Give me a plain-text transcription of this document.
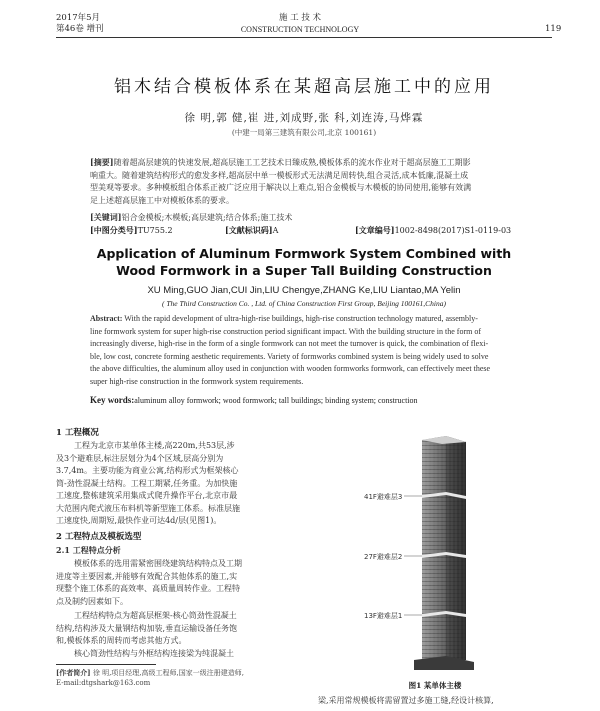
2017年5月
第46卷 增刊
施 工 技 术
CONSTRUCTION TECHNOLOGY	119
铝木结合模板体系在某超高层施工中的应用
徐 明,郭 健,崔 进,刘成野,张 科,刘连涛,马烨霖
(中建一局第三建筑有限公司,北京 100161)
[摘要]随着超高层建筑的快速发展,超高层施工工艺技术日臻成熟,模板体系的流水作业对于超高层施工工期影
响重大。随着建筑结构形式的愈发多样,超高层中单一模板形式无法满足周转快,组合灵活,成本低廉,混凝土成
型美观等要求。多种模板组合体系正被广泛应用于解决以上难点,铝合金模板与木模板的协同使用,能够有效满
足上述超高层施工中对模板体系的要求。
[关键词]铝合金模板;木模板;高层建筑;结合体系;施工技术
[中图分类号]TU755.2	[文献标识码]A	[文章编号]1002-8498(2017)S1-0119-03
Application of Aluminum Formwork System Combined with
Wood Formwork in a Super Tall Building Construction
XU Ming,GUO Jian,CUI Jin,LIU Chengye,ZHANG Ke,LIU Liantao,MA Yelin
( The Third Construction Co. , Ltd. of China Construction First Group, Beijing 100161,China)
Abstract: With the rapid development of ultra-high-rise buildings, high-rise construction technology matured, assembly-
line formwork system for super high-rise construction period significant impact. With the building structure in the form of
increasingly diverse, high-rise in the form of a single formwork can not meet the turnover is quick, the combination of flexi-
ble, low cost, concrete forming aesthetic requirements. Variety of formworks combined system is being widely used to solve
the above difficulties, the aluminum alloy used in conjunction with wooden formworks formwork, can effectively meet these
super high-rise construction in the formwork system requirements.
Key words:aluminum alloy formwork; wood formwork; tall buildings; binding system; construction
1 工程概况
工程为北京市某单体主楼,高220m,共53层,涉
及3个避难层,标注层划分为4个区域,层高分别为
3.7,4m。主要功能为商业公寓,结构形式为框架核心
筒-劲性混凝土结构。工程工期紧,任务重。为加快施
工速度,整栋建筑采用集成式爬升操作平台,北京市最
大范围内爬式液压布料机等新型施工体系。标准层施
工速度快,周期短,最快作业可达4d/层(见图1)。
2 工程特点及模板选型
2.1 工程特点分析
模板体系的选用需紧密围绕建筑结构特点及工期
进度等主要因素,并能够有效配合其他体系的施工,实
现整个施工体系的高效率、高质量周转作业。工程特
点及制约因素如下。
工程结构特点为超高层框架-核心筒劲性混凝土
结构,结构涉及大量钢结构加装,垂直运输设备任务饱
和,模板体系的周转而考虑其他方式。
核心筒劲性结构与外框结构连接梁为纯混凝土
[作者简介] 徐 明,项目经理,高级工程师,国家一级注册建造师,
E-mail:dtgshark@163.com
41F避难层3
27F避难层2
13F避难层1
图1 某单体主楼
梁,采用常规模板将需留置过多施工缝,经设计核算,
